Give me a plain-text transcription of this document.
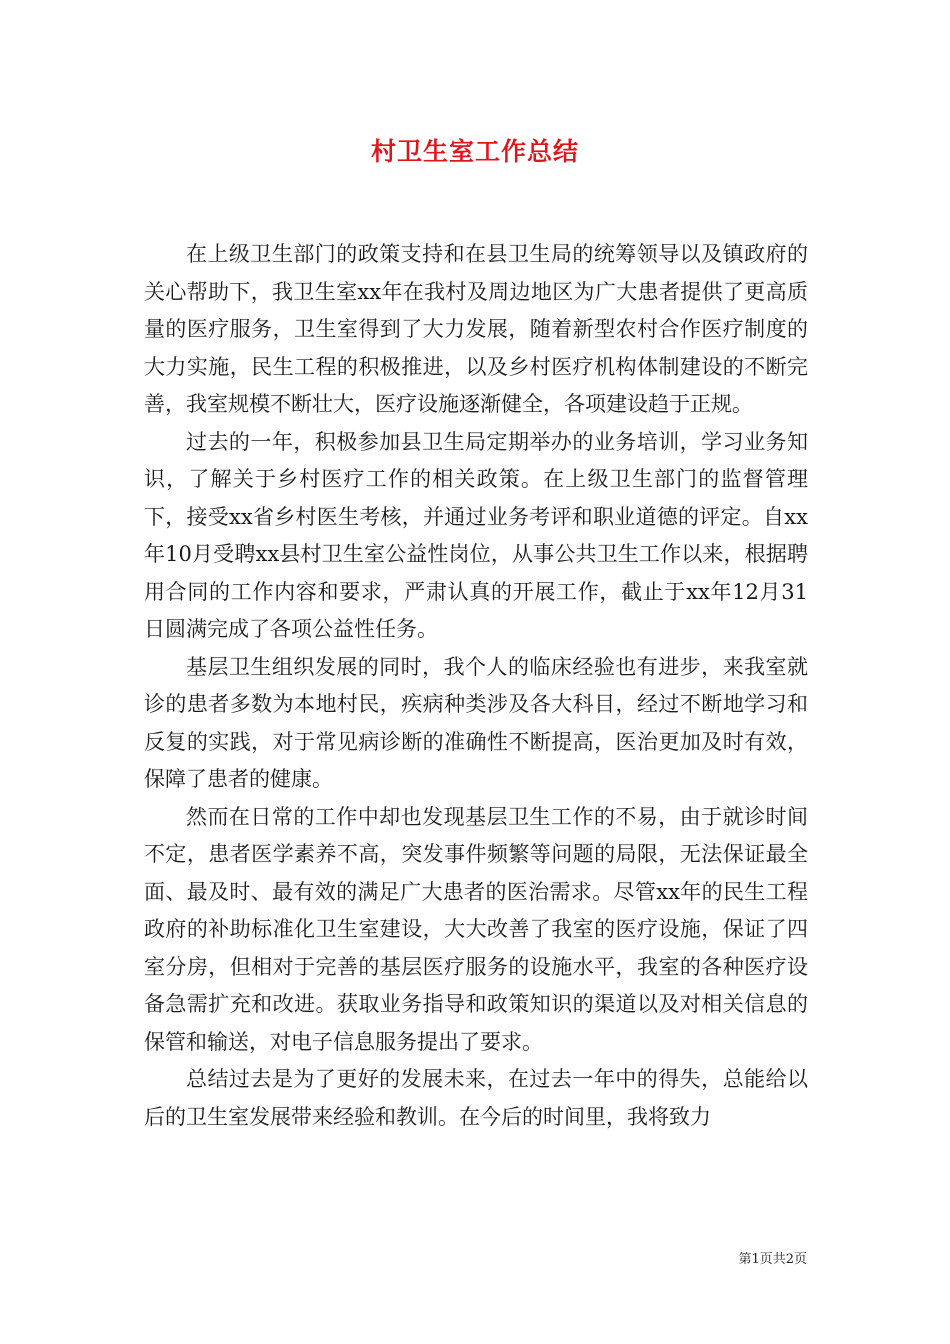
村卫生室工作总结

在上级卫生部门的政策支持和在县卫生局的统筹领导以及镇政府的关心帮助下，我卫生室xx年在我村及周边地区为广大患者提供了更高质量的医疗服务，卫生室得到了大力发展，随着新型农村合作医疗制度的大力实施，民生工程的积极推进，以及乡村医疗机构体制建设的不断完善，我室规模不断壮大，医疗设施逐渐健全，各项建设趋于正规。

过去的一年，积极参加县卫生局定期举办的业务培训，学习业务知识，了解关于乡村医疗工作的相关政策。在上级卫生部门的监督管理下，接受xx省乡村医生考核，并通过业务考评和职业道德的评定。自xx年10月受聘xx县村卫生室公益性岗位，从事公共卫生工作以来，根据聘用合同的工作内容和要求，严肃认真的开展工作，截止于xx年12月31日圆满完成了各项公益性任务。

基层卫生组织发展的同时，我个人的临床经验也有进步，来我室就诊的患者多数为本地村民，疾病种类涉及各大科目，经过不断地学习和反复的实践，对于常见病诊断的准确性不断提高，医治更加及时有效，保障了患者的健康。

然而在日常的工作中却也发现基层卫生工作的不易，由于就诊时间不定，患者医学素养不高，突发事件频繁等问题的局限，无法保证最全面、最及时、最有效的满足广大患者的医治需求。尽管xx年的民生工程政府的补助标准化卫生室建设，大大改善了我室的医疗设施，保证了四室分房，但相对于完善的基层医疗服务的设施水平，我室的各种医疗设备急需扩充和改进。获取业务指导和政策知识的渠道以及对相关信息的保管和输送，对电子信息服务提出了要求。

总结过去是为了更好的发展未来，在过去一年中的得失，总能给以后的卫生室发展带来经验和教训。在今后的时间里，我将致力

第1页共2页
